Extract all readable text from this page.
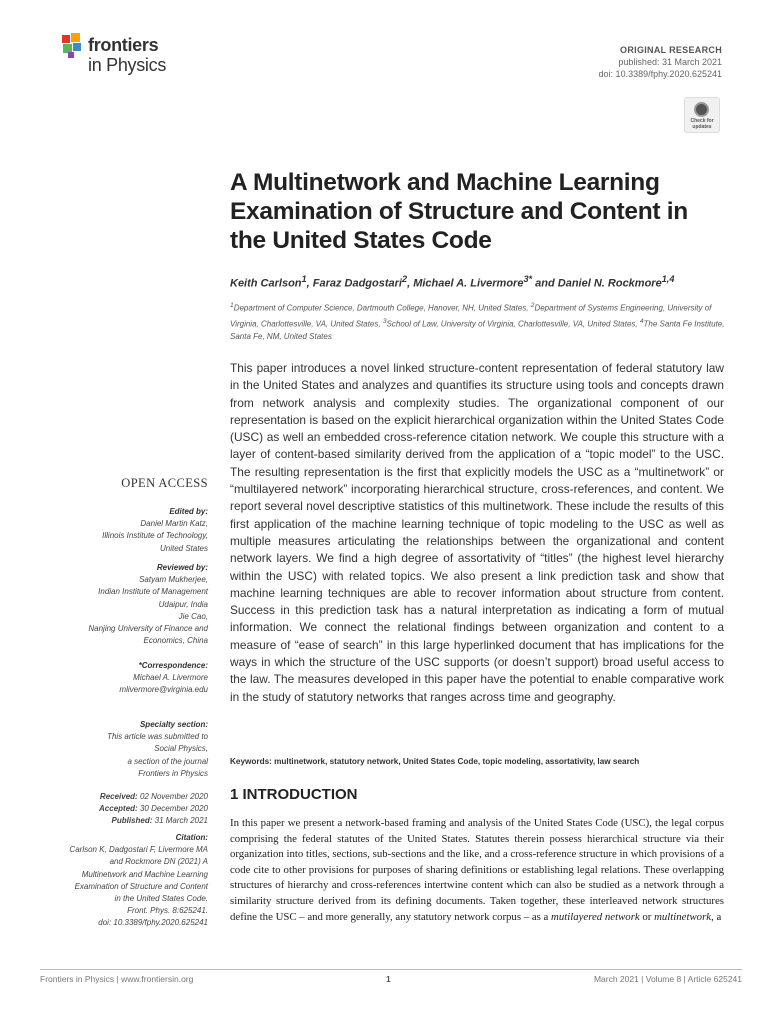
frontiers
in Physics
ORIGINAL RESEARCH
published: 31 March 2021
doi: 10.3389/fphy.2020.625241
Check for updates
A Multinetwork and Machine Learning Examination of Structure and Content in the United States Code
Keith Carlson$^1$, Faraz Dadgostari$^2$, Michael A. Livermore$^{3*}$ and Daniel N. Rockmore$^{1,4}$
$^1$Department of Computer Science, Dartmouth College, Hanover, NH, United States, $^2$Department of Systems Engineering, University of Virginia, Charlottesville, VA, United States, $^3$School of Law, University of Virginia, Charlottesville, VA, United States, $^4$The Santa Fe Institute, Santa Fe, NM, United States
This paper introduces a novel linked structure-content representation of federal statutory law in the United States and analyzes and quantifies its structure using tools and concepts drawn from network analysis and complexity studies. The organizational component of our representation is based on the explicit hierarchical organization within the United States Code (USC) as well an embedded cross-reference citation network. We couple this structure with a layer of content-based similarity derived from the application of a “topic model” to the USC. The resulting representation is the first that explicitly models the USC as a “multinetwork” or “multilayered network” incorporating hierarchical structure, cross-references, and content. We report several novel descriptive statistics of this multinetwork. These include the results of this first application of the machine learning technique of topic modeling to the USC as well as multiple measures articulating the relationships between the organizational and content network layers. We find a high degree of assortativity of “titles” (the highest level hierarchy within the USC) with related topics. We also present a link prediction task and show that machine learning techniques are able to recover information about structure from content. Success in this prediction task has a natural interpretation as indicating a form of mutual information. We connect the relational findings between organization and content to a measure of “ease of search” in this large hyperlinked document that has implications for the ways in which the structure of the USC supports (or doesn’t support) broad useful access to the law. The measures developed in this paper have the potential to enable comparative work in the study of statutory networks that ranges across time and geography.
Keywords: multinetwork, statutory network, United States Code, topic modeling, assortativity, law search
1 INTRODUCTION
In this paper we present a network-based framing and analysis of the United States Code (USC), the legal corpus comprising the federal statutes of the United States. Statutes therein possess hierarchical structure via their organization into titles, sections, sub-sections and the like, and a cross-reference structure in which provisions of a code cite to other provisions for purposes of sharing definitions or establishing legal relations. These overlapping structures of hierarchy and cross-references intertwine content which can also be studied as a network through a similarity structure derived from its defining documents. Taken together, these interleaved network structures define the USC – and more generally, any statutory network corpus – as a mutilayered network or multinetwork, a
OPEN ACCESS
Edited by:
Daniel Martin Katz,
Illinois Institute of Technology,
United States
Reviewed by:
Satyam Mukherjee,
Indian Institute of Management
Udaipur, India
Jie Cao,
Nanjing University of Finance and
Economics, China
*Correspondence:
Michael A. Livermore
mlivermore@virginia.edu
Specialty section:
This article was submitted to
Social Physics,
a section of the journal
Frontiers in Physics
Received: 02 November 2020
Accepted: 30 December 2020
Published: 31 March 2021
Citation:
Carlson K, Dadgostari F, Livermore MA
and Rockmore DN (2021) A
Multinetwork and Machine Learning
Examination of Structure and Content
in the United States Code.
Front. Phys. 8:625241.
doi: 10.3389/fphy.2020.625241
Frontiers in Physics | www.frontiersin.org	1	March 2021 | Volume 8 | Article 625241
